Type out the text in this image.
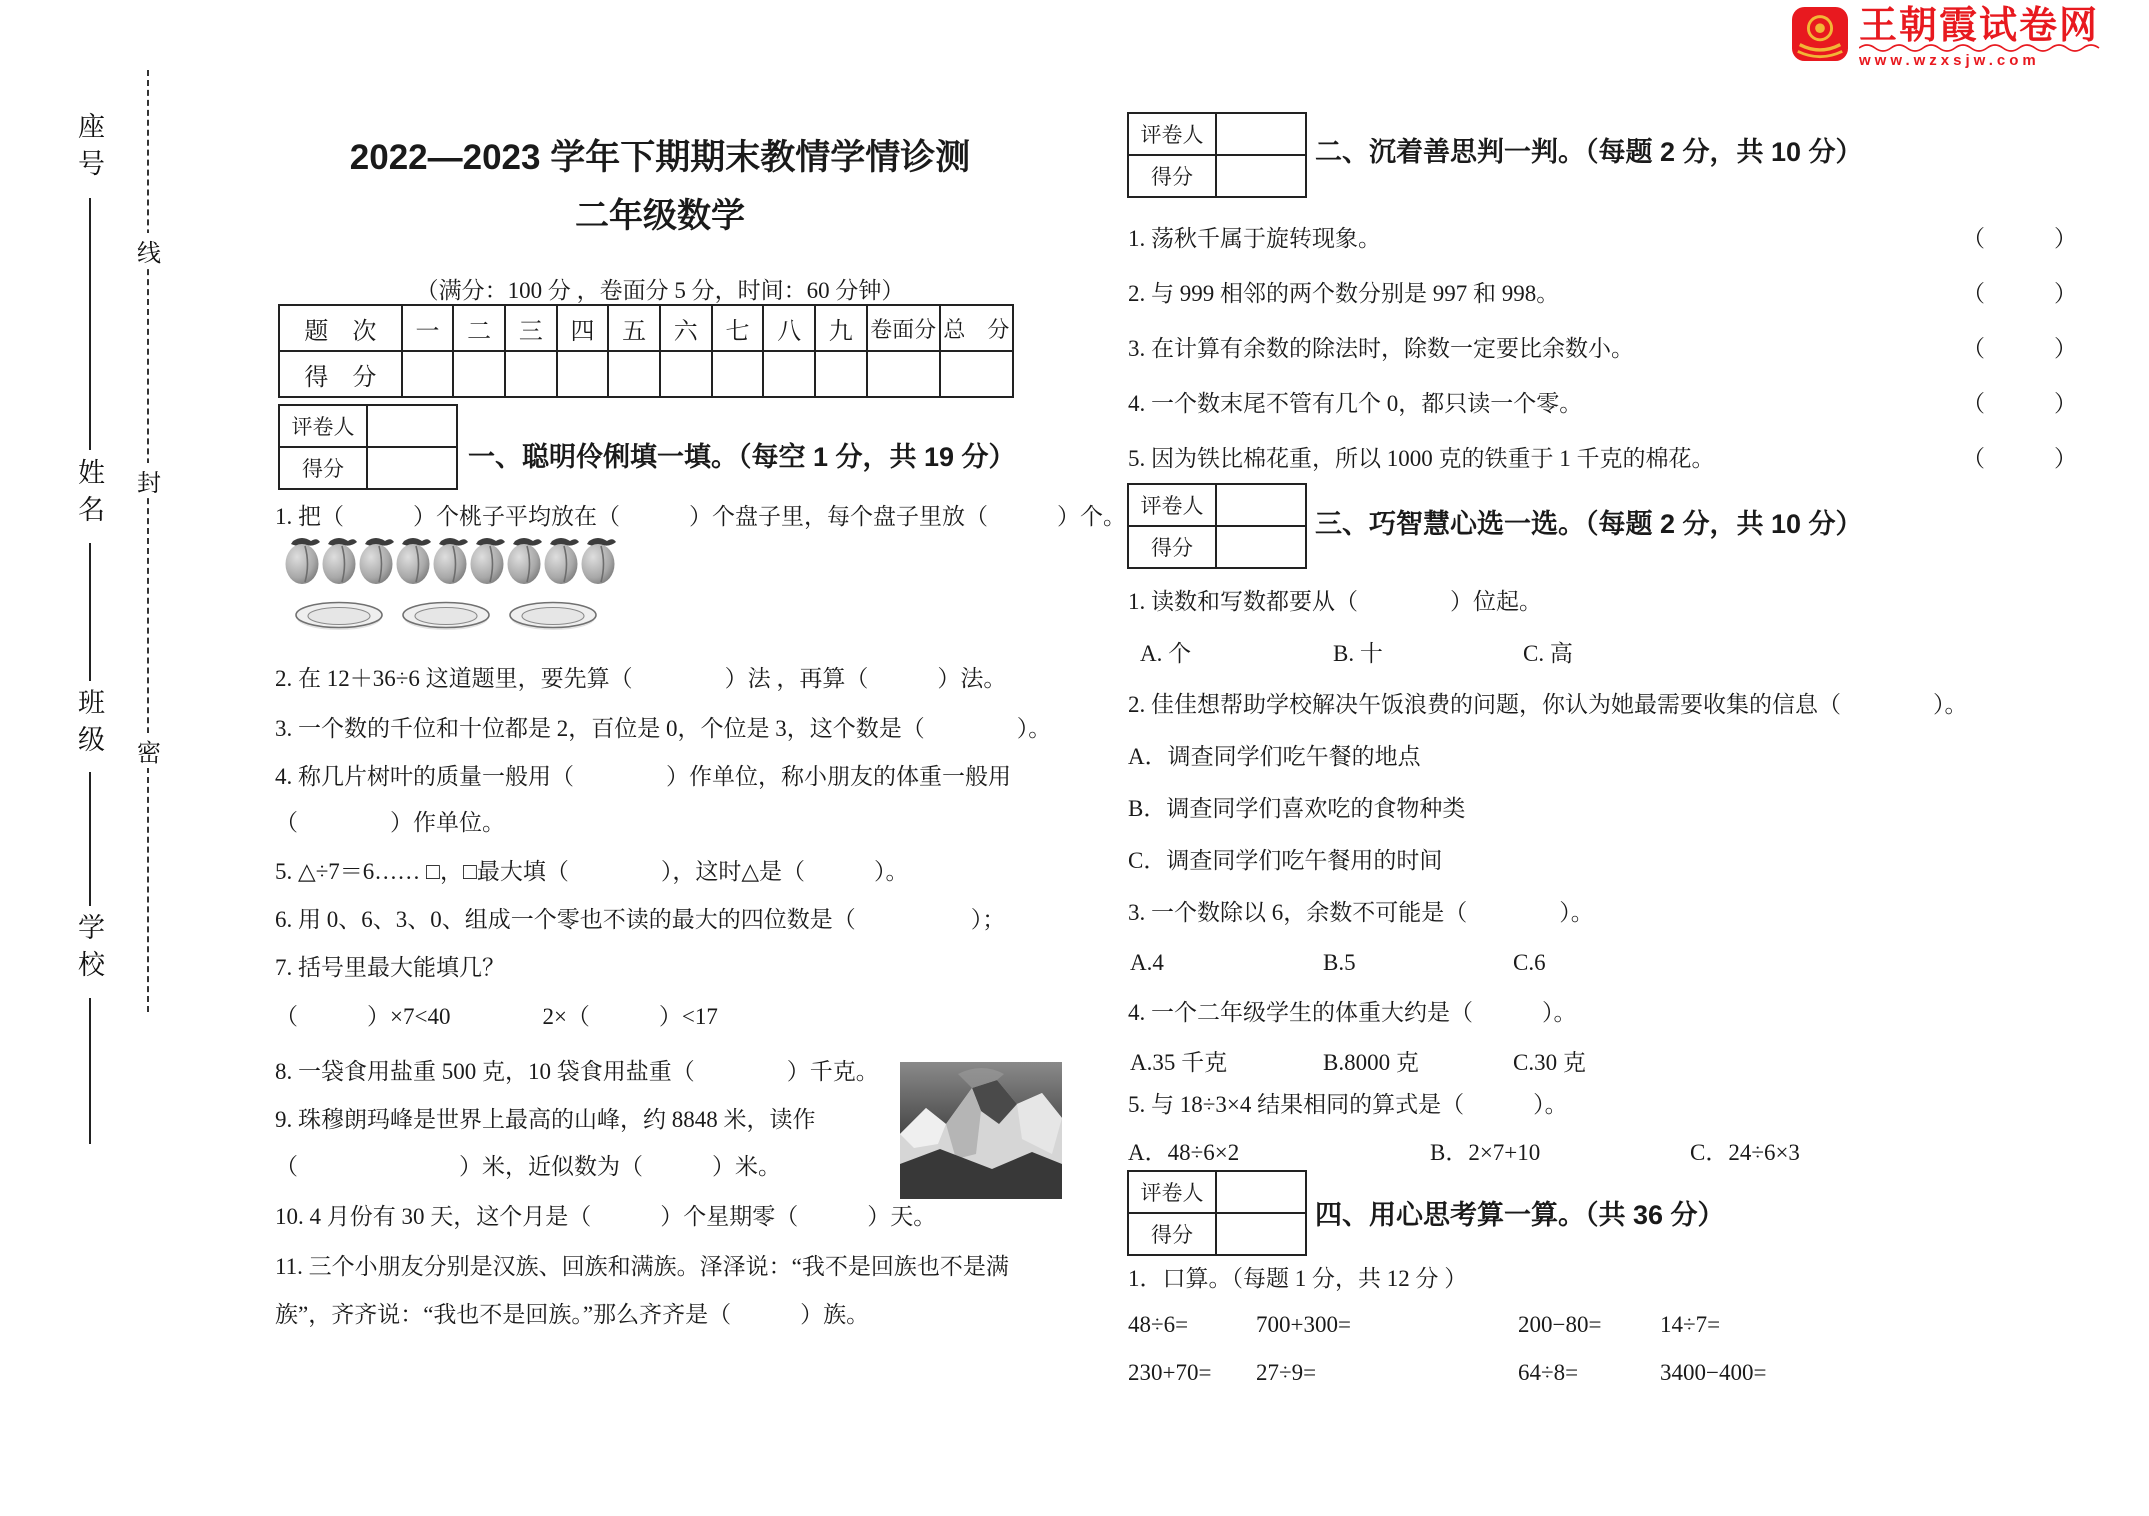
王朝霞试卷网
www.wzxsjw.com
座号
姓名
班级
学校
线
封
密
2022—2023 学年下期期末教情学情诊测
二年级数学
（满分：100 分 ，卷面分 5 分，时间：60 分钟）
题　次	一	二	三	四	五	六	七	八	九	卷面分	总　分
得　分											
评卷人
得分	一、聪明伶俐填一填。（每空 1 分，共 19 分）
1. 把（　　　）个桃子平均放在（　　　）个盘子里，每个盘子里放（　　　）个。
2. 在 12＋36÷6 这道题里，要先算（　　　　）法 ，再算（　　　）法。
3. 一个数的千位和十位都是 2，百位是 0，个位是 3，这个数是（　　　　）。
4. 称几片树叶的质量一般用（　　　　）作单位，称小朋友的体重一般用
（　　　　）作单位。
5. △÷7＝6…… □，□最大填（　　　　），这时△是（　　　）。
6. 用 0、6、3、0、组成一个零也不读的最大的四位数是（　　　　　）；
7. 括号里最大能填几？
（　　　）×7<40　　　　2×（　　　）<17
8. 一袋食用盐重 500 克，10 袋食用盐重（　　　　）千克。
9. 珠穆朗玛峰是世界上最高的山峰，约 8848 米，读作
（　　　　　　　）米，近似数为（　　　）米。
10. 4 月份有 30 天，这个月是（　　　）个星期零（　　　）天。
11. 三个小朋友分别是汉族、回族和满族。泽泽说：“我不是回族也不是满
族”，齐齐说：“我也不是回族。”那么齐齐是（　　　）族。
评卷人
得分
二、沉着善思判一判。（每题 2 分，共 10 分）
1. 荡秋千属于旋转现象。	（　　　）
2. 与 999 相邻的两个数分别是 997 和 998。	（　　　）
3. 在计算有余数的除法时，除数一定要比余数小。	（　　　）
4. 一个数末尾不管有几个 0，都只读一个零。	（　　　）
5. 因为铁比棉花重，所以 1000 克的铁重于 1 千克的棉花。	（　　　）
评卷人
得分
三、巧智慧心选一选。（每题 2 分，共 10 分）
1. 读数和写数都要从（　　　　）位起。
A. 个	B. 十	C. 高
2. 佳佳想帮助学校解决午饭浪费的问题，你认为她最需要收集的信息（　　　　）。
A．调查同学们吃午餐的地点
B．调查同学们喜欢吃的食物种类
C．调查同学们吃午餐用的时间
3. 一个数除以 6，余数不可能是（　　　　）。
A.4	B.5	C.6
4. 一个二年级学生的体重大约是（　　　）。
A.35 千克	B.8000 克	C.30 克
5. 与 18÷3×4 结果相同的算式是（　　　）。
A．48÷6×2	B．2×7+10	C．24÷6×3
评卷人
得分
四、用心思考算一算。（共 36 分）
1．口算。（每题 1 分，共 12 分 ）
48÷6=	700+300=	200−80=	14÷7=
230+70= 27÷9=	64÷8=	3400−400=
